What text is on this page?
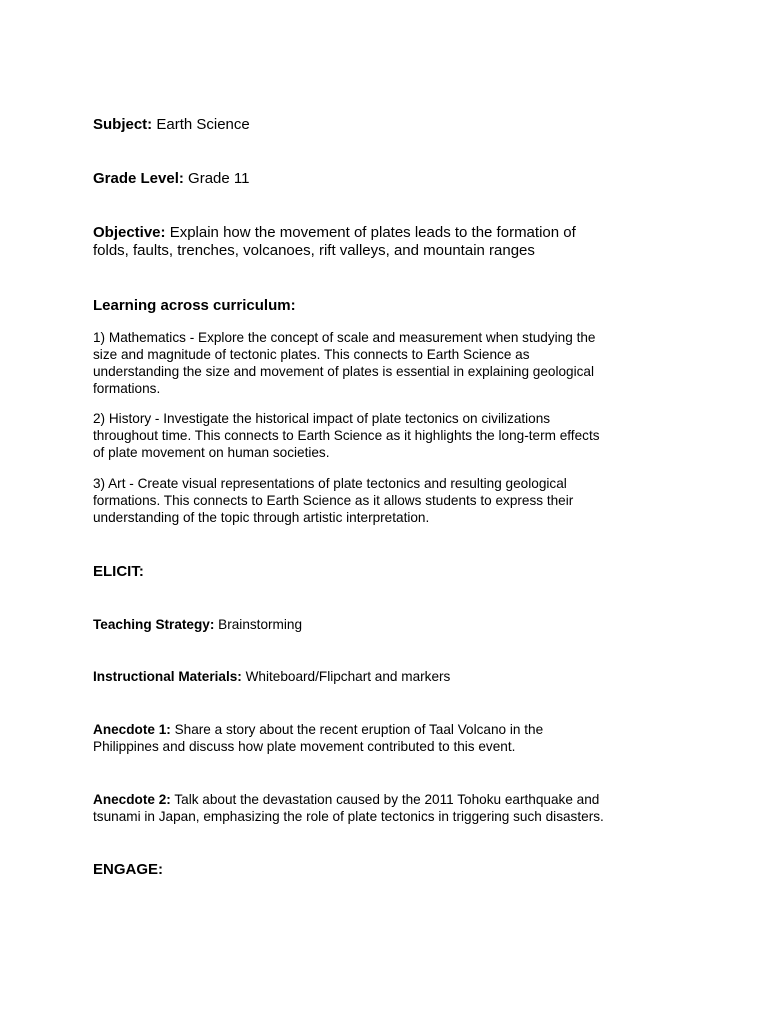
Subject: Earth Science

Grade Level: Grade 11

Objective: Explain how the movement of plates leads to the formation of

folds, faults, trenches, volcanoes, rift valleys, and mountain ranges

Learning across curriculum:

1) Mathematics - Explore the concept of scale and measurement when studying the
size and magnitude of tectonic plates. This connects to Earth Science as
understanding the size and movement of plates is essential in explaining geological
formations.
2) History - Investigate the historical impact of plate tectonics on civilizations
throughout time. This connects to Earth Science as it highlights the long-term effects
of plate movement on human societies.
3) Art - Create visual representations of plate tectonics and resulting geological
formations. This connects to Earth Science as it allows students to express their
understanding of the topic through artistic interpretation.

ELICIT:

Teaching Strategy: Brainstorming

Instructional Materials: Whiteboard/Flipchart and markers

Anecdote 1: Share a story about the recent eruption of Taal Volcano in the
Philippines and discuss how plate movement contributed to this event.
Anecdote 2: Talk about the devastation caused by the 2011 Tohoku earthquake and
tsunami in Japan, emphasizing the role of plate tectonics in triggering such disasters.

ENGAGE:
